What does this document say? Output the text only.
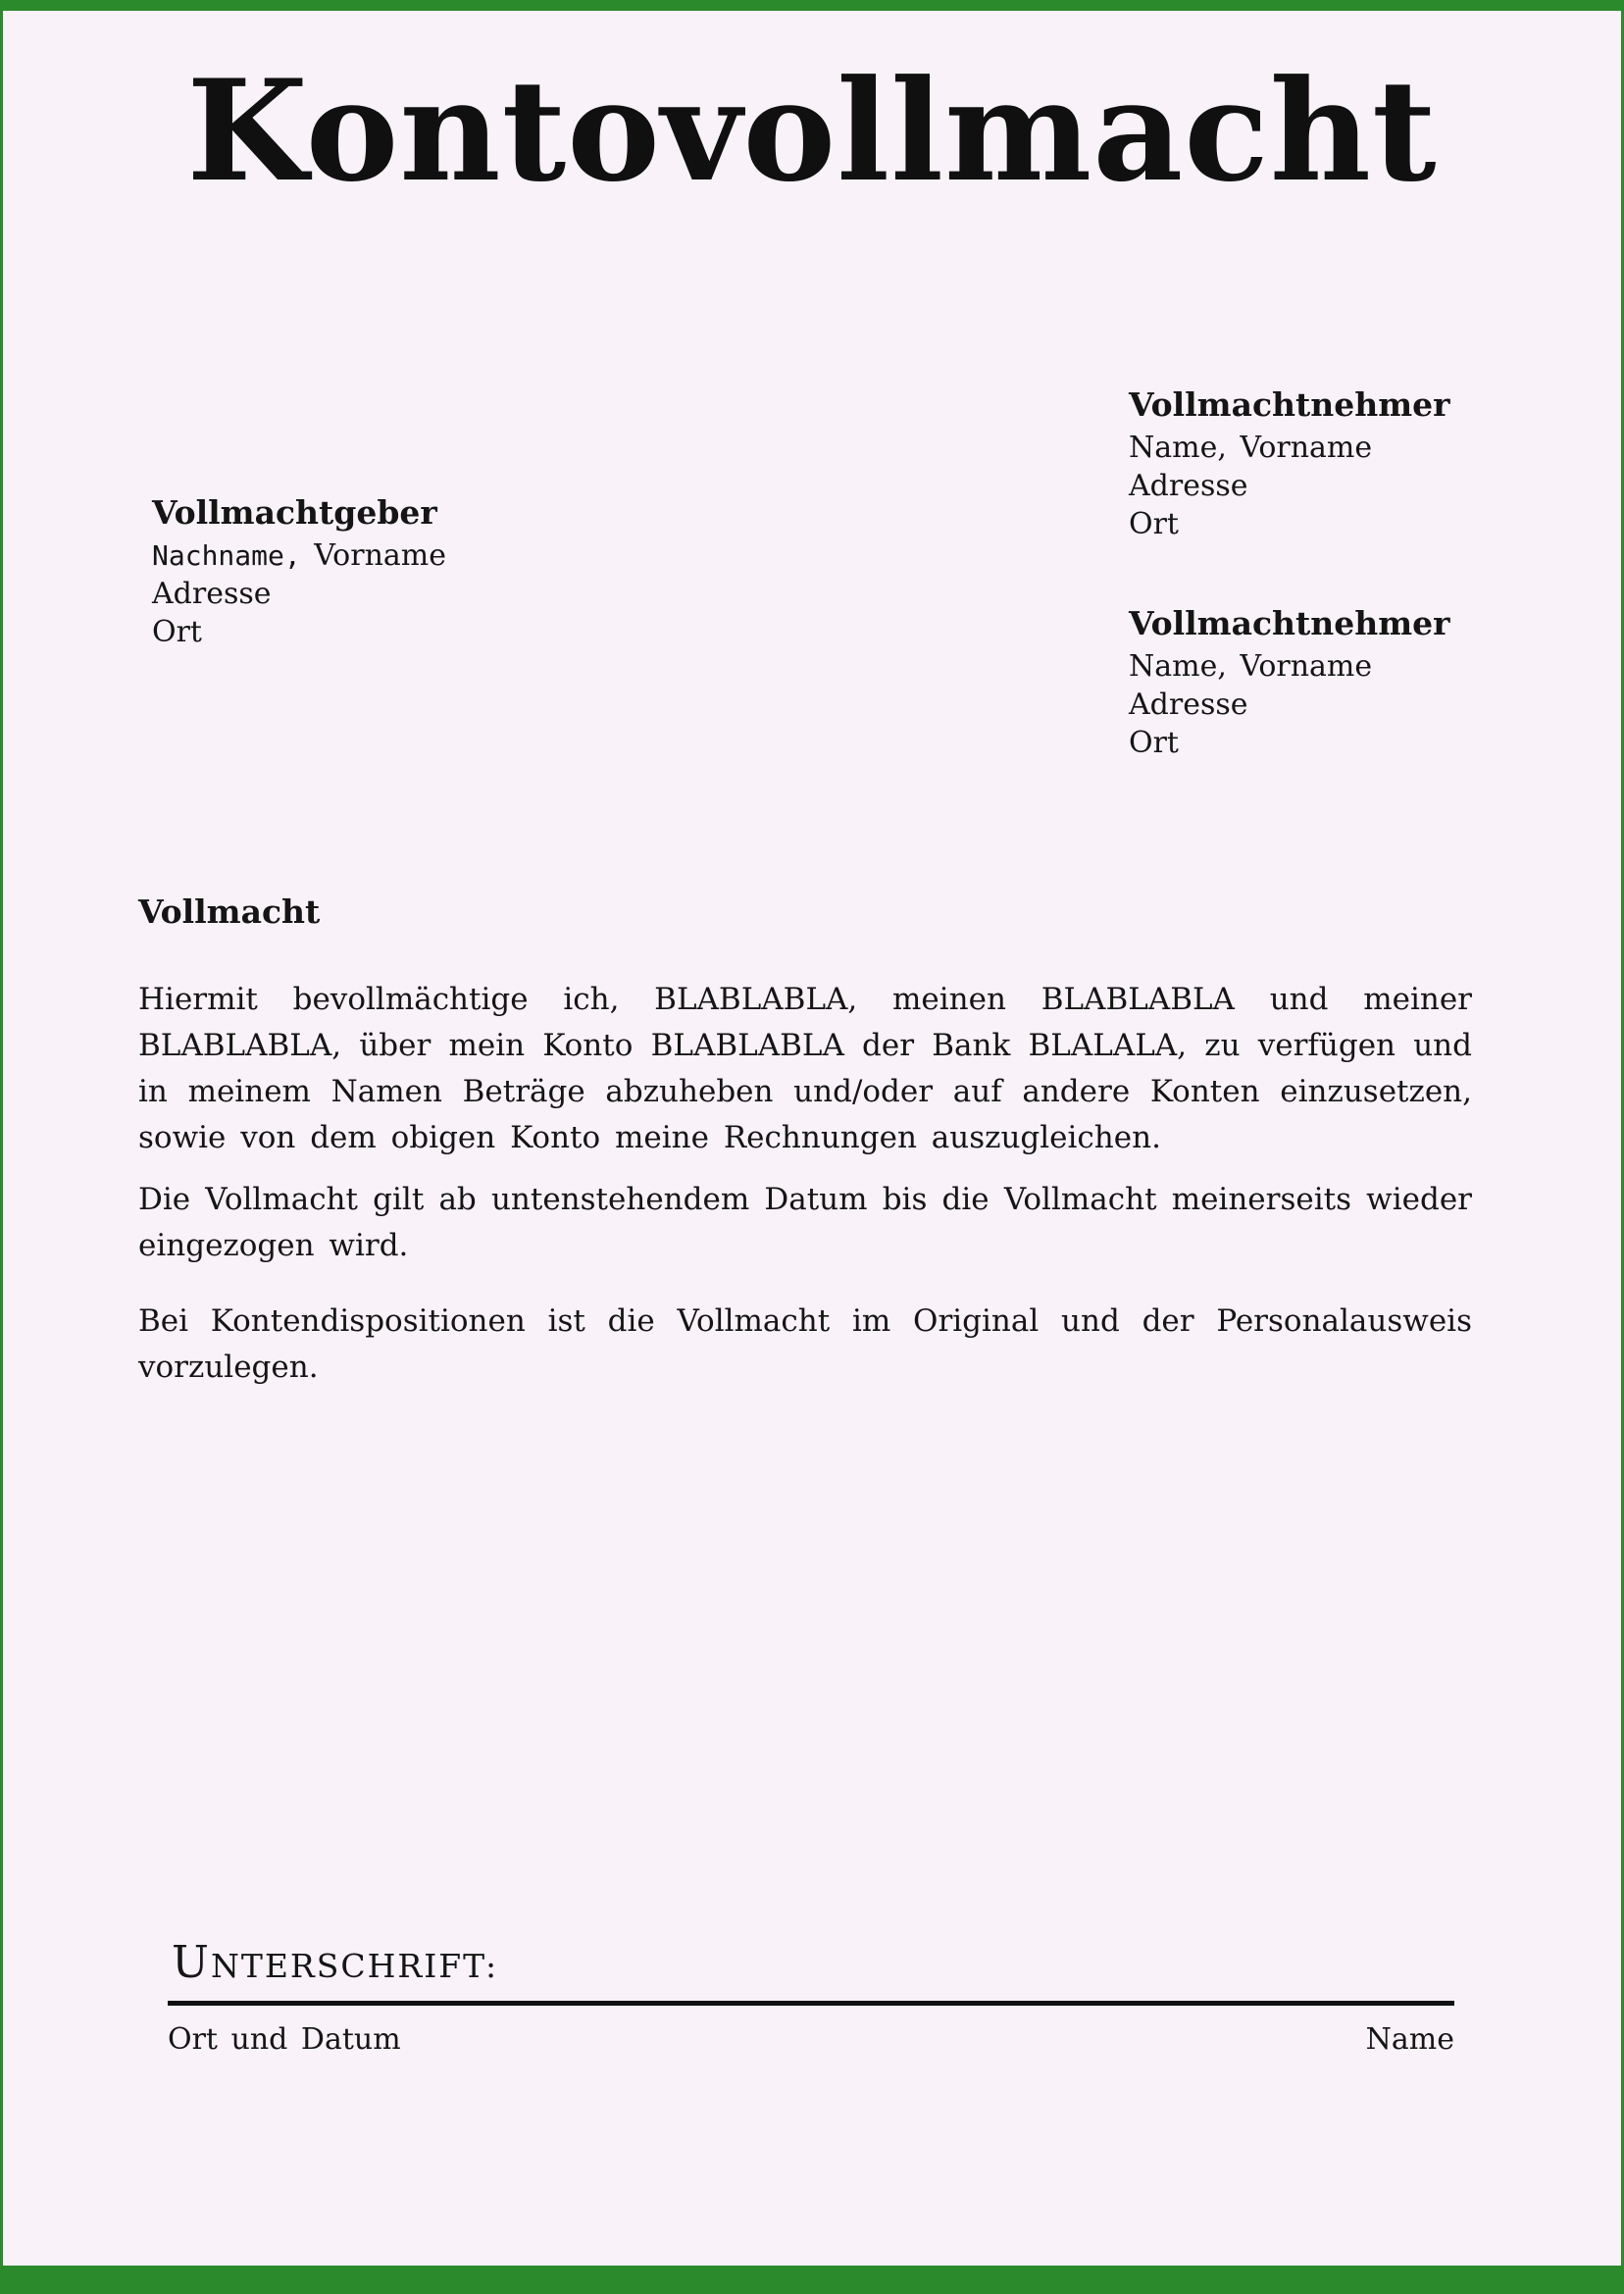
Kontovollmacht
Vollmachtnehmer
Name, Vorname
Adresse
Ort
Vollmachtgeber
Nachname, Vorname
Adresse
Ort	Vollmachtnehmer
Name, Vorname
Adresse
Ort
Vollmacht

Hiermit bevollmächtige ich, BLABLABLA, meinen BLABLABLA und meiner BLABLABLA, über mein Konto BLABLABLA der Bank BLALALA, zu verfügen und in meinem Namen Beträge abzuheben und/oder auf andere Konten einzusetzen, sowie von dem obigen Konto meine Rechnungen auszugleichen.

Die Vollmacht gilt ab untenstehendem Datum bis die Vollmacht meinerseits wieder eingezogen wird.

Bei Kontendispositionen ist die Vollmacht im Original und der Personalausweis vorzulegen.

UNTERSCHRIFT:
Ort und Datum	Name
